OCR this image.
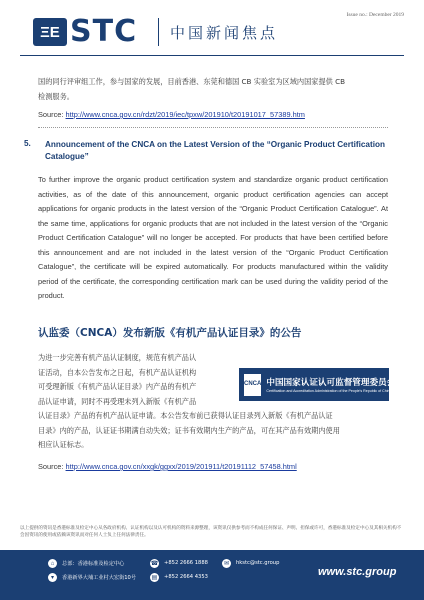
ΞE STC 中国新闻焦点
Issue no.: December 2019
国的同行评审组工作，参与国家的发展，目前香港、东莞和德国 CB 实验室为区域内国家提供 CB
检测服务。
Source: http://www.cnca.gov.cn/rdzt/2019/iec/tpxw/201910/t20191017_57389.htm
5. Announcement of the CNCA on the Latest Version of the “Organic Product Certification Catalogue”
To further improve the organic product certification system and standardize organic product certification activities, as of the date of this announcement, organic product certification agencies can accept applications for organic products in the latest version of the “Organic Product Certification Catalogue”. At the same time, applications for organic products that are not included in the latest version of the “Organic Product Certification Catalogue” will no longer be accepted. For products that have been certified before this announcement and are not included in the latest version of the “Organic Product Certification Catalogue”, the certificate will be expired automatically. For products manufactured within the validity period of the certificate, the corresponding certification mark can be used during the validity period of the product.
认监委（CNCA）发布新版《有机产品认证目录》的公告
为进一步完善有机产品认证制度，规范有机产品认
证活动，自本公告发布之日起，有机产品认证机构
可受理新版《有机产品认证目录》内产品的有机产
品认证申请，同时不再受理未列入新版《有机产品
认证目录》产品的有机产品认证申请。本公告发布前已获得认证目录列入新版《有机产品认证
目录》内的产品，认证证书期满自动失效；证书有效期内生产的产品，可在其产品有效期内使用
相应认证标志。
Source: http://www.cnca.gov.cn/xxgk/ggxx/2019/201911/t20191112_57458.html
CNCA 中国国家认证认可监督管理委员会
Certification and Accreditation Administration of the People's Republic of China
以上提供的资讯是香港标准及检定中心从各政府机构、认证机构以及认可机构的资料来源整理，该资讯仅供参考而不构成任何保证、声明、担保或许可，香港标准及检定中心及其相关机构不会因资讯的使用或依赖该资讯而对任何人士负上任何法律责任。
⌂	总部：香港标准及检定中心
▾	香港新界大埔工业村大宏街10号
☎ +852 2666 1888
▤	+852 2664 4353
✉	hkstc@stc.group
www.stc.group
